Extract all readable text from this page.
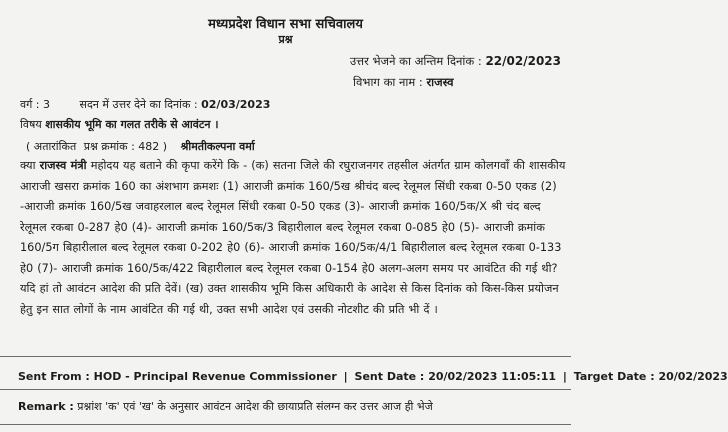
मध्यप्रदेश विधान सभा सचिवालय
प्रश्न
उत्तर भेजने का अन्तिम दिनांक : 22/02/2023
विभाग का नाम : राजस्व
वर्ग : 3	सदन में उत्तर देने का दिनांक : 02/03/2023
विषय शासकीय भूमि का गलत तरीके से आवंटन ।
( अतारांकित प्रश्न क्रमांक : 482 ) श्रीमतीकल्पना वर्मा
क्या राजस्व मंत्री महोदय यह बताने की कृपा करेंगे कि - (क) सतना जिले की रघुराजनगर तहसील अंतर्गत ग्राम कोलगवाँ की शासकीय आराजी खसरा क्रमांक 160 का अंशभाग क्रमशः (1) आराजी क्रमांक 160/5ख श्रीचंद बल्द रेलूमल सिंधी रकबा 0-50 एकड (2) -आराजी क्रमांक 160/5ख जवाहरलाल बल्द रेलूमल सिंधी रकबा 0-50 एकड (3)- आराजी क्रमांक 160/5क/X श्री चंद बल्द रेलूमल रकबा 0-287 हे0 (4)- आराजी क्रमांक 160/5क/3 बिहारीलाल बल्द रेलूमल रकबा 0-085 हे0 (5)- आराजी क्रमांक 160/5ग बिहारीलाल बल्द रेलूमल रकबा 0-202 हे0 (6)- आराजी क्रमांक 160/5क/4/1 बिहारीलाल बल्द रेलूमल रकबा 0-133 हे0 (7)- आराजी क्रमांक 160/5क/422 बिहारीलाल बल्द रेलूमल रकबा 0-154 हे0 अलग-अलग समय पर आवंटित की गई थी? यदि हां तो आवंटन आदेश की प्रति देवें। (ख) उक्त शासकीय भूमि किस अधिकारी के आदेश से किस दिनांक को किस-किस प्रयोजन हेतु इन सात लोगों के नाम आवंटित की गई थी, उक्त सभी आदेश एवं उसकी नोटशीट की प्रति भी दें ।
Sent From : HOD - Principal Revenue Commissioner | Sent Date : 20/02/2023 11:05:11 | Target Date : 20/02/2023
Remark : प्रश्नांश 'क' एवं 'ख' के अनुसार आवंटन आदेश की छायाप्रति संलग्न कर उत्तर आज ही भेजे
